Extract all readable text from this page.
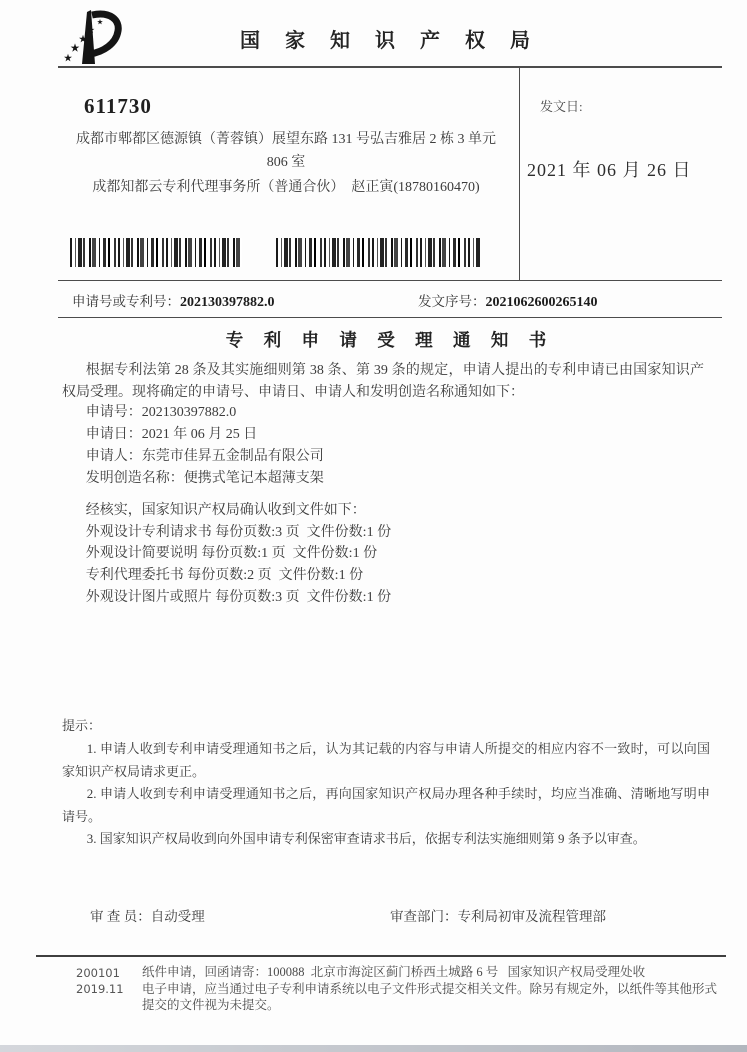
国 家 知 识 产 权 局
发文日:
2021 年 06 月 26 日
611730
成都市郫都区德源镇（菁蓉镇）展望东路 131 号弘吉雅居 2 栋 3 单元
806 室
成都知都云专利代理事务所（普通合伙）  赵正寅(18780160470)
申请号或专利号：202130397882.0	发文序号：2021062600265140
专 利 申 请 受 理 通 知 书
根据专利法第 28 条及其实施细则第 38 条、第 39 条的规定，申请人提出的专利申请已由国家知识产权局受理。现将确定的申请号、申请日、申请人和发明创造名称通知如下：
申请号：202130397882.0
申请日：2021 年 06 月 25 日
申请人：东莞市佳昇五金制品有限公司
发明创造名称：便携式笔记本超薄支架
经核实，国家知识产权局确认收到文件如下：
外观设计专利请求书 每份页数:3 页  文件份数:1 份
外观设计简要说明 每份页数:1 页  文件份数:1 份
专利代理委托书 每份页数:2 页  文件份数:1 份
外观设计图片或照片 每份页数:3 页  文件份数:1 份
提示：
1. 申请人收到专利申请受理通知书之后，认为其记载的内容与申请人所提交的相应内容不一致时，可以向国家知识产权局请求更正。
2. 申请人收到专利申请受理通知书之后，再向国家知识产权局办理各种手续时，均应当准确、清晰地写明申请号。
3. 国家知识产权局收到向外国申请专利保密审查请求书后，依据专利法实施细则第 9 条予以审查。
审 查 员：自动受理	审查部门：专利局初审及流程管理部
200101
2019.11
纸件申请，回函请寄：100088  北京市海淀区蓟门桥西土城路 6 号   国家知识产权局受理处收
电子申请，应当通过电子专利申请系统以电子文件形式提交相关文件。除另有规定外，以纸件等其他形式提交的文件视为未提交。
